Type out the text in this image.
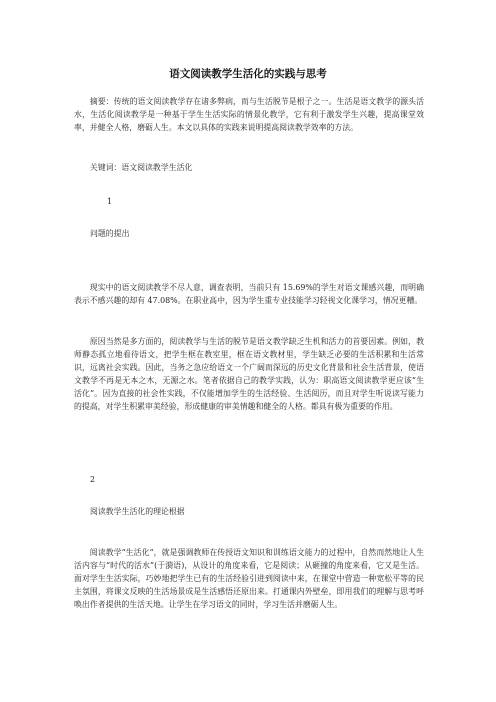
语文阅读教学生活化的实践与思考

摘要：传统的语文阅读教学存在诸多弊病，而与生活脱节是根子之一。生活是语文教学的源头活水，生活化阅读教学是一种基于学生生活实际的情景化教学，它有利于激发学生兴趣，提高课堂效率，并健全人格，磨砺人生。本文以具体的实践来说明提高阅读教学效率的方法。

关键词：语文阅读教学生活化

1

问题的提出

现实中的语文阅读教学不尽人意，调查表明，当前只有 15.69%的学生对语文课感兴趣，而明确表示不感兴趣的却有 47.08%。在职业高中，因为学生重专业技能学习轻视文化课学习，情况更糟。

原因当然是多方面的，阅读教学与生活的脱节是语文教学缺乏生机和活力的首要因素。例如，教师静态孤立地看待语文，把学生框在教室里，框在语文教材里，学生缺乏必要的生活积累和生活常识，远离社会实践。因此，当务之急应给语文一个广阔而深远的历史文化背景和社会生活背景，使语文教学不再是无本之木，无源之水。笔者依据自己的教学实践，认为：职高语文阅读教学更应该“生活化”。因为直接的社会性实践，不仅能增加学生的生活经验、生活阅历，而且对学生听说读写能力的提高，对学生积累审美经验，形成健康的审美情趣和健全的人格。都具有极为重要的作用。

2

阅读教学生活化的理论根据

阅读教学“生活化”，就是强调教师在传授语文知识和训练语文能力的过程中，自然而然地让人生活内容与“时代的活水”(于漪语)，从设计的角度来看，它是阅读；从砸撞的角度来看，它又是生活。面对学生生活实际，巧妙地把学生已有的生活经验引进到阅读中来，在课堂中营造一种宽松平等的民主氛围，将课文反映的生活场景成是生活感悟还原出来。打通课内外壁垒，即用我们的理解与思考呼唤出作者提供的生活天地。让学生在学习语文的同时，学习生活并磨砺人生。
